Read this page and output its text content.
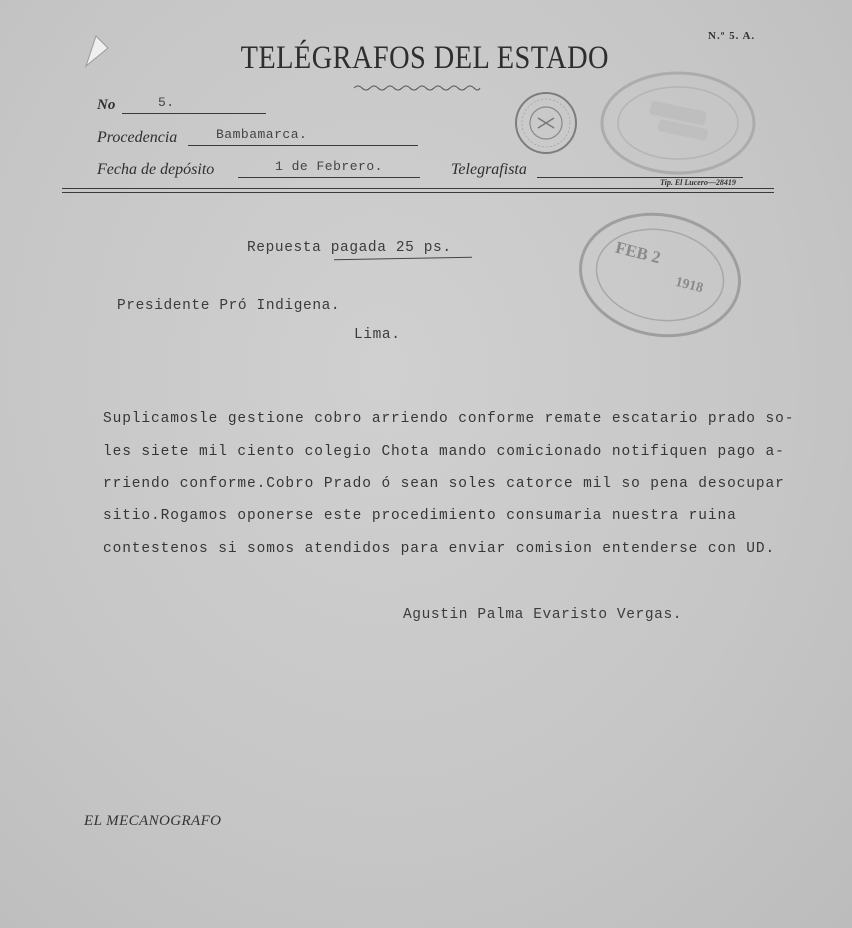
TELÉGRAFOS DEL ESTADO
N.º 5. A.
No	5.
Procedencia	Bambamarca.
Fecha de depósito	1 de Febrero.	Telegrafista
Tip. El Lucero—28419
FEB 2
1918
Repuesta pagada 25 ps.
Presidente Pró Indigena.
Lima.
Suplicamosle gestione cobro arriendo conforme remate escatario prado so-
les siete mil ciento colegio Chota mando comicionado notifiquen pago a-
rriendo conforme.Cobro Prado ó sean soles catorce mil so pena desocupar
sitio.Rogamos oponerse este procedimiento consumaria nuestra ruina
contestenos si somos atendidos para enviar comision entenderse con UD.
Agustin Palma Evaristo Vergas.
EL MECANOGRAFO
